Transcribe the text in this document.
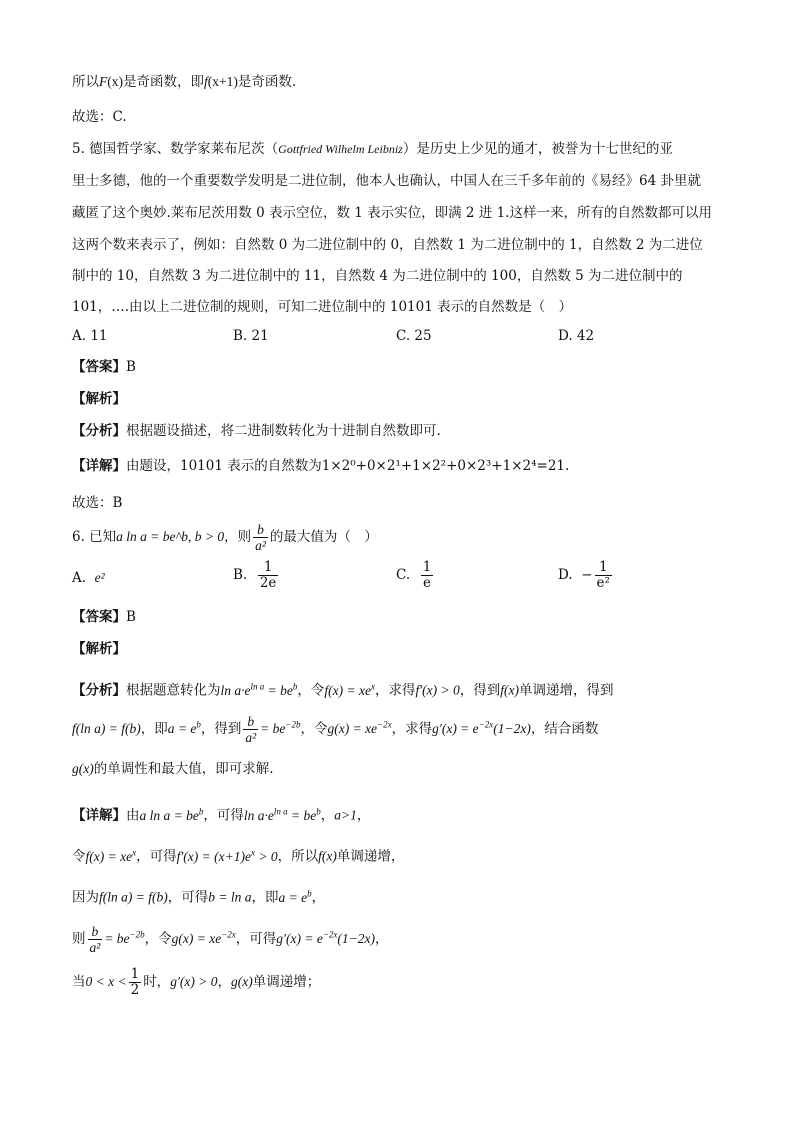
所以F(x)是奇函数，即f(x+1)是奇函数.
故选：C.
5. 德国哲学家、数学家莱布尼茨（Gottfried Wilhelm Leibniz）是历史上少见的通才，被誉为十七世纪的亚
里士多德，他的一个重要数学发明是二进位制，他本人也确认，中国人在三千多年前的《易经》64 卦里就
藏匿了这个奥妙.莱布尼茨用数 0 表示空位，数 1 表示实位，即满 2 进 1.这样一来，所有的自然数都可以用
这两个数来表示了，例如：自然数 0 为二进位制中的 0，自然数 1 为二进位制中的 1，自然数 2 为二进位
制中的 10，自然数 3 为二进位制中的 11，自然数 4 为二进位制中的 100，自然数 5 为二进位制中的
101，….由以上二进位制的规则，可知二进位制中的 10101 表示的自然数是（　）
A. 11	B. 21	C. 25	D. 42
【答案】B
【解析】
【分析】根据题设描述，将二进制数转化为十进制自然数即可.
【详解】由题设，10101 表示的自然数为1×2⁰+0×2¹+1×2²+0×2³+1×2⁴=21.
故选：B
6. 已知a ln a = be^b, b > 0，则 $\frac{b}{\text{a²}}$ 的最大值为（　）
A. e²	B. $\frac{1}{2e}$	C. $\frac{1}{e}$	D. − $\frac{1}{\text{e²}}$
【答案】B
【解析】
【分析】根据题意转化为$\ln a\cdot e^{ln a} = be^b$，令$f(x) = xe^x$，求得f′(x) > 0，得到f(x)单调递增，得到
f(ln a) = f(b)，即$a = e^b$，得到 $\frac{b}{\text{a²}} = be^{-2b}$，令$g(x) = xe^{-2x}$，求得$g'(x) = e^{-2x}(1-2x)$，结合函数
g(x)的单调性和最大值，即可求解.
【详解】由a $\ln a = be^b$，可得$\ln a\cdot e^{ln a} = be^b$，a>1，
令$f(x) = xe^x$，可得$f'(x) = (x+1)e^x > 0$，所以f(x)单调递增，
因为f(ln a) = f(b)，可得b = ln a，即$a = e^b$，
则 $\frac{b}{\text{a²}} = be^{-2b}$，令$g(x) = xe^{-2x}$，可得$g'(x) = e^{-2x}(1-2x)$，
当$0 < x < \frac{1}{2}$ 时，g′(x) > 0，g(x)单调递增；
